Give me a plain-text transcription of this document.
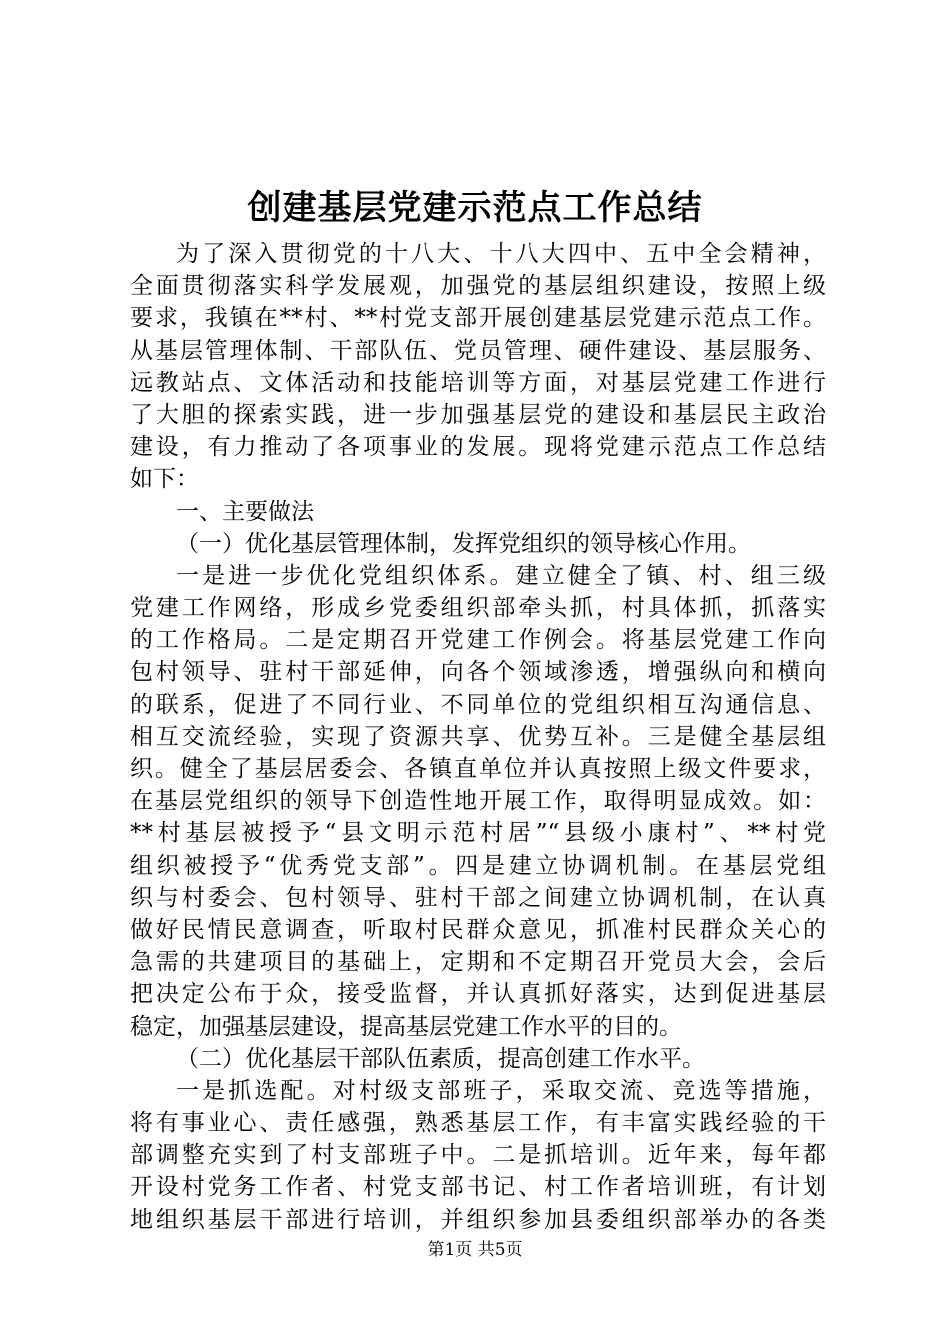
创建基层党建示范点工作总结
为了深入贯彻党的十八大、十八大四中、五中全会精神，
全面贯彻落实科学发展观，加强党的基层组织建设，按照上级
要求，我镇在**村、**村党支部开展创建基层党建示范点工作。
从基层管理体制、干部队伍、党员管理、硬件建设、基层服务、
远教站点、文体活动和技能培训等方面，对基层党建工作进行
了大胆的探索实践，进一步加强基层党的建设和基层民主政治
建设，有力推动了各项事业的发展。现将党建示范点工作总结
如下：
一、主要做法
（一）优化基层管理体制，发挥党组织的领导核心作用。
一是进一步优化党组织体系。建立健全了镇、村、组三级
党建工作网络，形成乡党委组织部牵头抓，村具体抓，抓落实
的工作格局。二是定期召开党建工作例会。将基层党建工作向
包村领导、驻村干部延伸，向各个领域渗透，增强纵向和横向
的联系，促进了不同行业、不同单位的党组织相互沟通信息、
相互交流经验，实现了资源共享、优势互补。三是健全基层组
织。健全了基层居委会、各镇直单位并认真按照上级文件要求，
在基层党组织的领导下创造性地开展工作，取得明显成效。如：
**村基层被授予“县文明示范村居”“县级小康村”、**村党
组织被授予“优秀党支部”。四是建立协调机制。在基层党组
织与村委会、包村领导、驻村干部之间建立协调机制，在认真
做好民情民意调查，听取村民群众意见，抓准村民群众关心的
急需的共建项目的基础上，定期和不定期召开党员大会，会后
把决定公布于众，接受监督，并认真抓好落实，达到促进基层
稳定，加强基层建设，提高基层党建工作水平的目的。
（二）优化基层干部队伍素质，提高创建工作水平。
一是抓选配。对村级支部班子，采取交流、竞选等措施，
将有事业心、责任感强，熟悉基层工作，有丰富实践经验的干
部调整充实到了村支部班子中。二是抓培训。近年来，每年都
开设村党务工作者、村党支部书记、村工作者培训班，有计划
地组织基层干部进行培训，并组织参加县委组织部举办的各类
第1页 共5页
